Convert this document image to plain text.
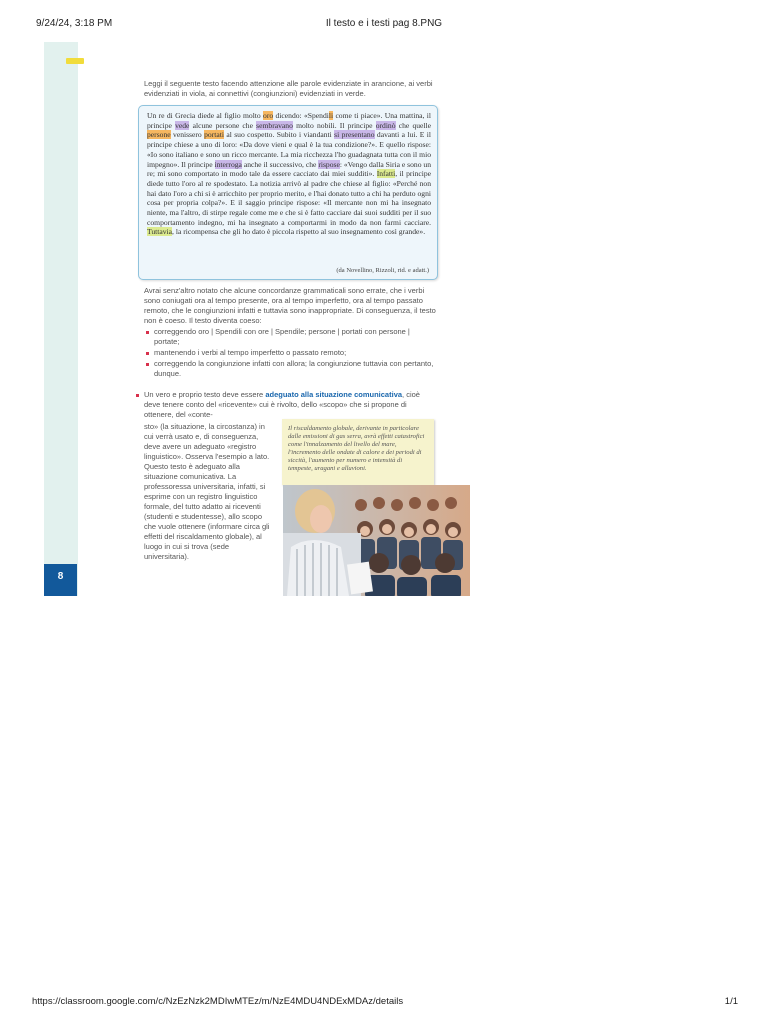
9/24/24, 3:18 PM	Il testo e i testi pag 8.PNG
8

Leggi il seguente testo facendo attenzione alle parole evidenziate in arancione, ai verbi evidenziati in viola, ai connettivi (congiunzioni) evidenziati in verde.

Un re di Grecia diede al figlio molto oro dicendo: «Spendili come ti piace». Una mattina, il principe vede alcune persone che sembravano molto nobili. Il principe ordinò che quelle persone venissero portati al suo cospetto. Subito i viandanti si presentano davanti a lui. E il principe chiese a uno di loro: «Da dove vieni e qual è la tua condizione?». E quello rispose: «Io sono italiano e sono un ricco mercante. La mia ricchezza l'ho guadagnata tutta con il mio impegno». Il principe interroga anche il successivo, che rispose: «Vengo dalla Siria e sono un re; mi sono comportato in modo tale da essere cacciato dai miei sudditi». Infatti, il principe diede tutto l'oro al re spodestato. La notizia arrivò al padre che chiese al figlio: «Perché non hai dato l'oro a chi si è arricchito per proprio merito, e l'hai donato tutto a chi ha perduto ogni cosa per propria colpa?». E il saggio principe rispose: «Il mercante non mi ha insegnato niente, ma l'altro, di stirpe regale come me e che si è fatto cacciare dai suoi sudditi per il suo comportamento indegno, mi ha insegnato a comportarmi in modo da non farmi cacciare. Tuttavia, la ricompensa che gli ho dato è piccola rispetto al suo insegnamento così grande».

(da Novellino, Rizzoli, rid. e adatt.)

Avrai senz'altro notato che alcune concordanze grammaticali sono errate, che i verbi sono coniugati ora al tempo presente, ora al tempo imperfetto, ora al tempo passato remoto, che le congiunzioni infatti e tuttavia sono inappropriate. Di conseguenza, il testo non è coeso. Il testo diventa coeso:

correggendo oro | Spendili con ore | Spendile; persone | portati con persone | portate;
mantenendo i verbi al tempo imperfetto o passato remoto;
correggendo la congiunzione infatti con allora; la congiunzione tuttavia con pertanto, dunque.

Un vero e proprio testo deve essere adeguato alla situazione comunicativa, cioè deve tenere conto del «ricevente» cui è rivolto, dello «scopo» che si propone di ottenere, del «conte-

sto» (la situazione, la circostanza) in cui verrà usato e, di conseguenza, deve avere un adeguato «registro linguistico». Osserva l'esempio a lato. Questo testo è adeguato alla situazione comunicativa. La professoressa universitaria, infatti, si esprime con un registro linguistico formale, del tutto adatto ai riceventi (studenti e studentesse), allo scopo che vuole ottenere (informare circa gli effetti del riscaldamento globale), al luogo in cui si trova (sede universitaria).

Il riscaldamento globale, derivante in particolare dalle emissioni di gas serra, avrà effetti catastrofici come l'innalzamento del livello del mare, l'incremento delle ondate di calore e dei periodi di siccità, l'aumento per numero e intensità di tempeste, uragani e alluvioni.

https://classroom.google.com/c/NzEzNzk2MDIwMTEz/m/NzE4MDU4NDExMDAz/details	1/1
